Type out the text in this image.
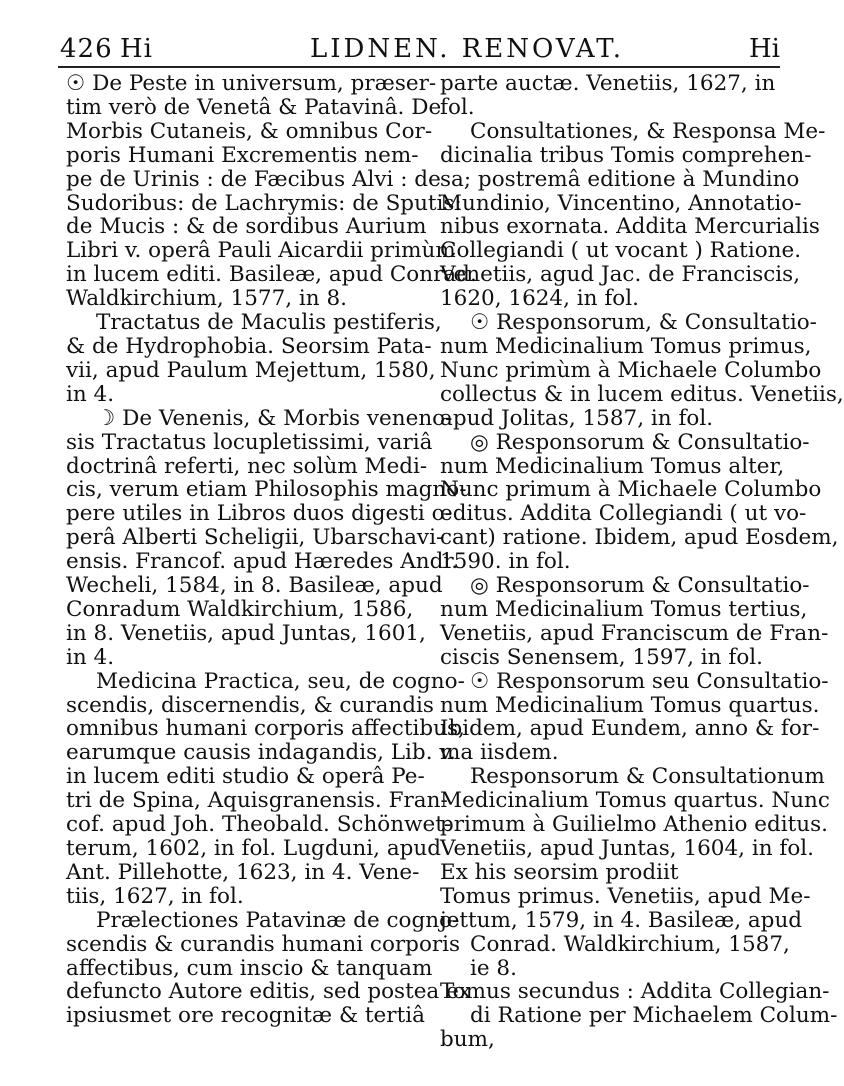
426 Hi	LIDNEN. RENOVAT.	Hi
☉ De Peste in universum, præser-
tim verò de Venetâ & Patavinâ. De
Morbis Cutaneis, & omnibus Cor-
poris Humani Excrementis nem-
pe de Urinis : de Fæcibus Alvi : de
Sudoribus: de Lachrymis: de Sputis:
de Mucis : & de sordibus Aurium
Libri v. operâ Pauli Aicardii primùm
in lucem editi. Basileæ, apud Conrad.
Waldkirchium, 1577, in 8.
Tractatus de Maculis pestiferis,
& de Hydrophobia. Seorsim Pata-
vii, apud Paulum Mejettum, 1580,
in 4.
☽ De Venenis, & Morbis veneno-
sis Tractatus locupletissimi, variâ
doctrinâ referti, nec solùm Medi-
cis, verum etiam Philosophis magno-
pere utiles in Libros duos digesti o-
perâ Alberti Scheligii, Ubarschavi-
ensis. Francof. apud Hæredes Andr.
Wecheli, 1584, in 8. Basileæ, apud
Conradum Waldkirchium, 1586,
in 8. Venetiis, apud Juntas, 1601,
in 4.
Medicina Practica, seu, de cogno-
scendis, discernendis, & curandis
omnibus humani corporis affectibus,
earumque causis indagandis, Lib. v.
in lucem editi studio & operâ Pe-
tri de Spina, Aquisgranensis. Fran-
cof. apud Joh. Theobald. Schönwet-
terum, 1602, in fol. Lugduni, apud
Ant. Pillehotte, 1623, in 4. Vene-
tiis, 1627, in fol.
Prælectiones Patavinæ de cogno-
scendis & curandis humani corporis
affectibus, cum inscio & tanquam
defuncto Autore editis, sed postea ex
ipsiusmet ore recognitæ & tertiâ
parte auctæ. Venetiis, 1627, in
fol.
Consultationes, & Responsa Me-
dicinalia tribus Tomis comprehen-
sa; postremâ editione à Mundino
Mundinio, Vincentino, Annotatio-
nibus exornata. Addita Mercurialis
Collegiandi ( ut vocant ) Ratione.
Venetiis, agud Jac. de Franciscis,
1620, 1624, in fol.
☉ Responsorum, & Consultatio-
num Medicinalium Tomus primus,
Nunc primùm à Michaele Columbo
collectus & in lucem editus. Venetiis,
apud Jolitas, 1587, in fol.
◎ Responsorum & Consultatio-
num Medicinalium Tomus alter,
Nunc primum à Michaele Columbo
editus. Addita Collegiandi ( ut vo-
cant) ratione. Ibidem, apud Eosdem,
1590. in fol.
◎ Responsorum & Consultatio-
num Medicinalium Tomus tertius,
Venetiis, apud Franciscum de Fran-
ciscis Senensem, 1597, in fol.
☉ Responsorum seu Consultatio-
num Medicinalium Tomus quartus.
Ibidem, apud Eundem, anno & for-
ma iisdem.
Responsorum & Consultationum
Medicinalium Tomus quartus. Nunc
primum à Guilielmo Athenio editus.
Venetiis, apud Juntas, 1604, in fol.
Ex his seorsim prodiit
Tomus primus. Venetiis, apud Me-
jettum, 1579, in 4. Basileæ, apud
Conrad. Waldkirchium, 1587,
ie 8.
Tomus secundus : Addita Collegian-
di Ratione per Michaelem Colum-
bum,
